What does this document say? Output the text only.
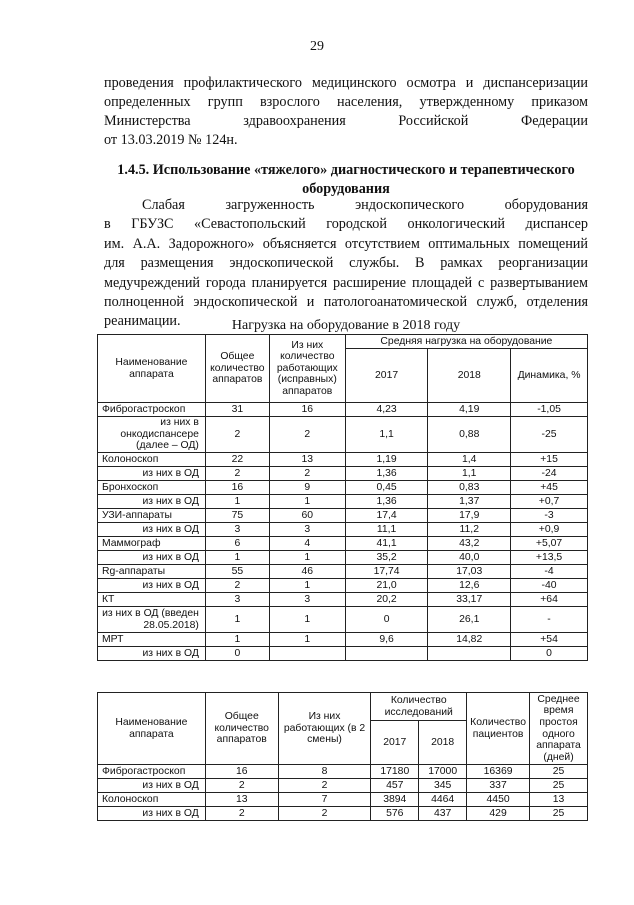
29
проведения профилактического медицинского осмотра и диспансеризации
определенных групп взрослого населения, утвержденному приказом
Министерства здравоохранения Российской Федерации
от 13.03.2019 № 124н.
1.4.5. Использование «тяжелого» диагностического и терапевтического
оборудования
Слабая загруженность эндоскопического оборудования
в ГБУЗС «Севастопольский городской онкологический диспансер
им. А.А. Задорожного» объясняется отсутствием оптимальных помещений
для размещения эндоскопической службы. В рамках реорганизации
медучреждений города планируется расширение площадей с развертыванием
полноценной эндоскопической и патологоанатомической служб, отделения
реанимации.	Нагрузка на оборудование в 2018 году
Наименование аппарата	Общее количество аппаратов	Из них количество работающих (исправных) аппаратов	Средняя нагрузка на оборудование		
			2017	2018	Динамика, %
Фиброгастроскоп	31	16	4,23	4,19	-1,05
из них в онкодиспансере (далее – ОД)	2	2	1,1	0,88	-25
Колоноскоп	22	13	1,19	1,4	+15
из них в ОД	2	2	1,36	1,1	-24
Бронхоскоп	16	9	0,45	0,83	+45
из них в ОД	1	1	1,36	1,37	+0,7
УЗИ-аппараты	75	60	17,4	17,9	-3
из них в ОД	3	3	11,1	11,2	+0,9
Маммограф	6	4	41,1	43,2	+5,07
из них в ОД	1	1	35,2	40,0	+13,5
Rg-аппараты	55	46	17,74	17,03	-4
из них в ОД	2	1	21,0	12,6	-40
КТ	3	3	20,2	33,17	+64
из них в ОД (введен 28.05.2018)	1	1	0	26,1	-
МРТ	1	1	9,6	14,82	+54
из них в ОД	0				0
Наименование аппарата	Общее количество аппаратов	Из них работающих (в 2 смены)	Количество исследований		Количество пациентов	Среднее время простоя одного аппарата (дней)
			2017	2018		
Фиброгастроскоп	16	8	17180	17000	16369	25
из них в ОД	2	2	457	345	337	25
Колоноскоп	13	7	3894	4464	4450	13
из них в ОД	2	2	576	437	429	25
